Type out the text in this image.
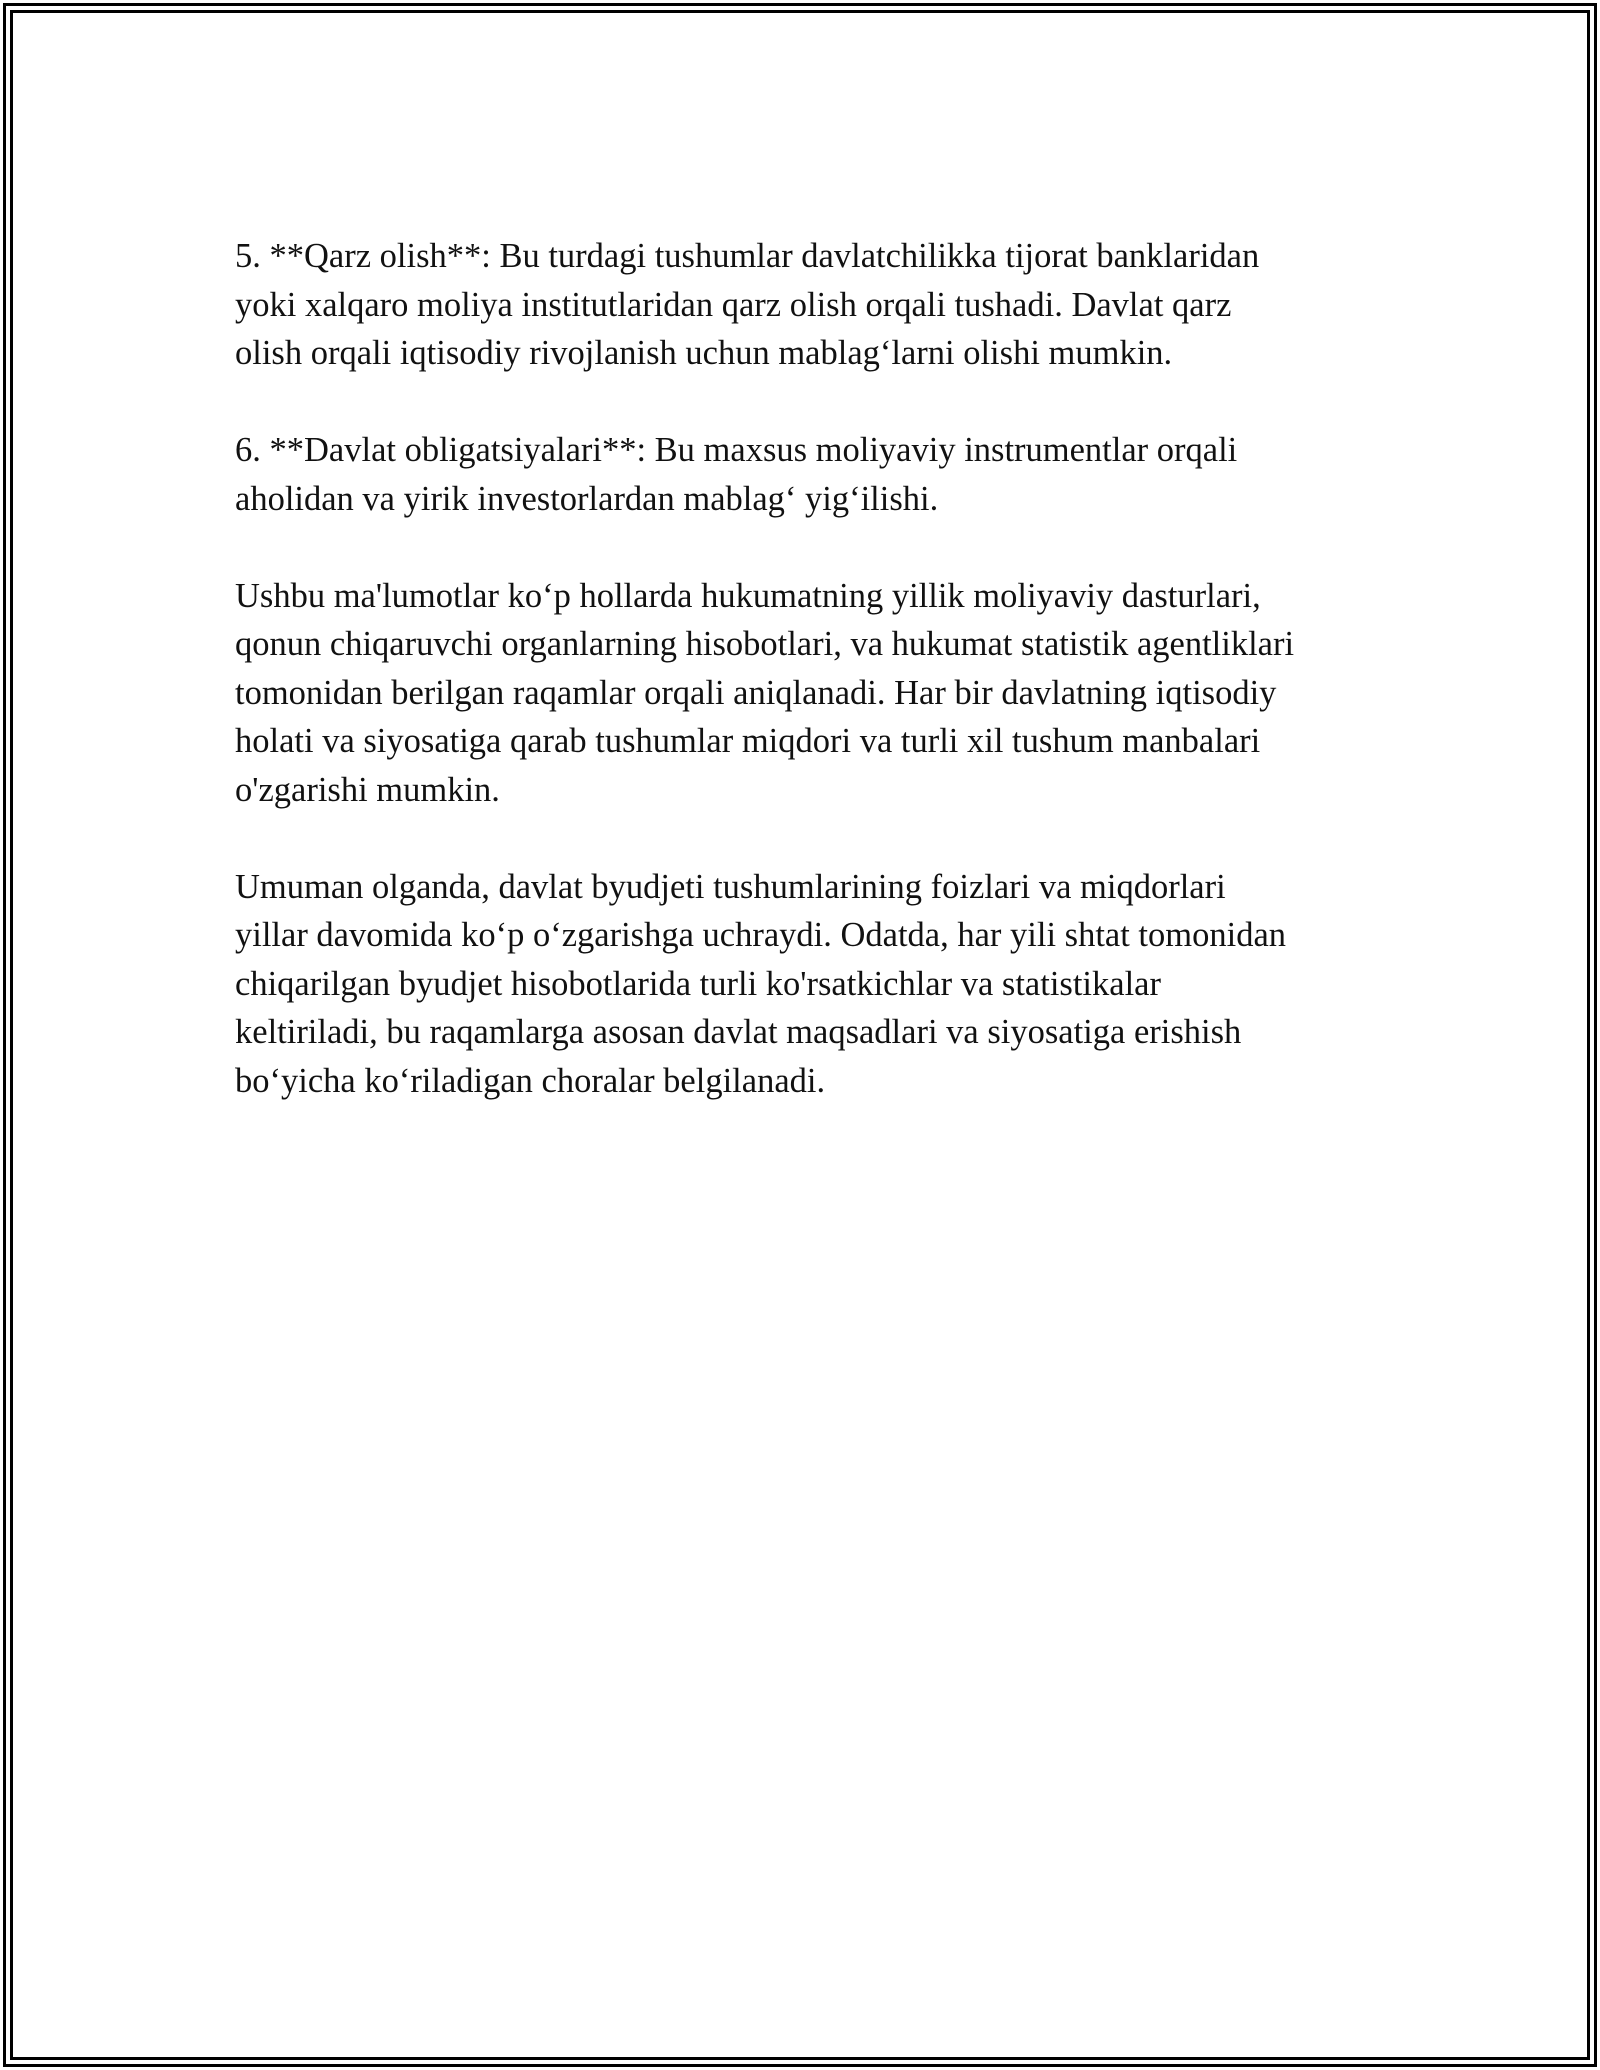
5. **Qarz olish**: Bu turdagi tushumlar davlatchilikka tijorat banklaridan
yoki xalqaro moliya institutlaridan qarz olish orqali tushadi. Davlat qarz
olish orqali iqtisodiy rivojlanish uchun mablag‘larni olishi mumkin.

6. **Davlat obligatsiyalari**: Bu maxsus moliyaviy instrumentlar orqali
aholidan va yirik investorlardan mablag‘ yig‘ilishi.

Ushbu ma'lumotlar ko‘p hollarda hukumatning yillik moliyaviy dasturlari,
qonun chiqaruvchi organlarning hisobotlari, va hukumat statistik agentliklari
tomonidan berilgan raqamlar orqali aniqlanadi. Har bir davlatning iqtisodiy
holati va siyosatiga qarab tushumlar miqdori va turli xil tushum manbalari
o'zgarishi mumkin.

Umuman olganda, davlat byudjeti tushumlarining foizlari va miqdorlari
yillar davomida ko‘p o‘zgarishga uchraydi. Odatda, har yili shtat tomonidan
chiqarilgan byudjet hisobotlarida turli ko'rsatkichlar va statistikalar
keltiriladi, bu raqamlarga asosan davlat maqsadlari va siyosatiga erishish
bo‘yicha ko‘riladigan choralar belgilanadi.
